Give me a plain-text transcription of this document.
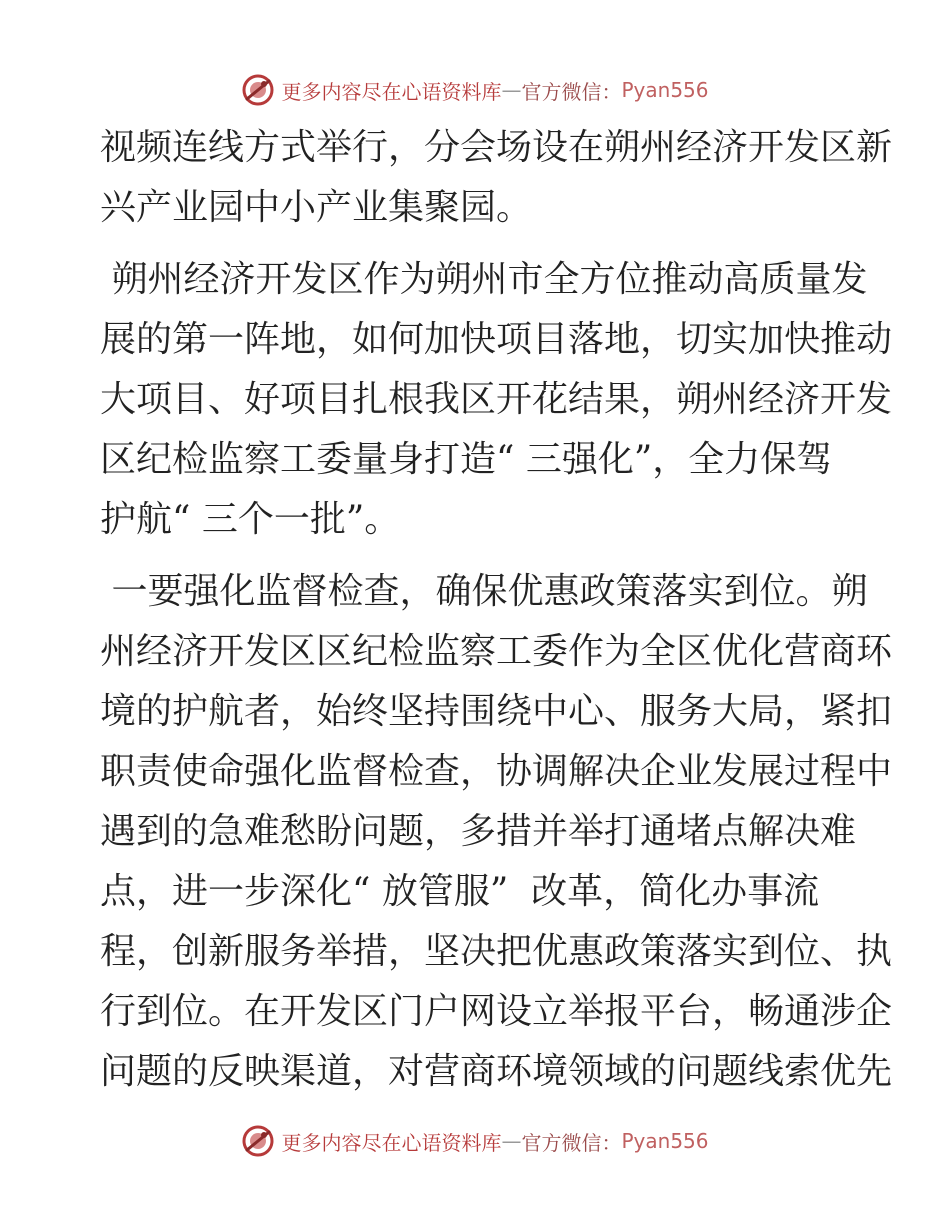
更多内容尽在心语资料库 — 官方微信： Pyan556
视频连线方式举行，分会场设在朔州经济开发区新
兴产业园中小产业集聚园。
朔州经济开发区作为朔州市全方位推动高质量发
展的第一阵地，如何加快项目落地，切实加快推动
大项目、好项目扎根我区开花结果，朔州经济开发
区纪检监察工委量身打造“ 三强化”，全力保驾
护航“ 三个一批”。
一要强化监督检查，确保优惠政策落实到位。朔
州经济开发区区纪检监察工委作为全区优化营商环
境的护航者，始终坚持围绕中心、服务大局，紧扣
职责使命强化监督检查，协调解决企业发展过程中
遇到的急难愁盼问题，多措并举打通堵点解决难
点，进一步深化“ 放管服”  改革，简化办事流
程，创新服务举措，坚决把优惠政策落实到位、执
行到位。在开发区门户网设立举报平台，畅通涉企
问题的反映渠道，对营商环境领域的问题线索优先
更多内容尽在心语资料库 — 官方微信： Pyan556
